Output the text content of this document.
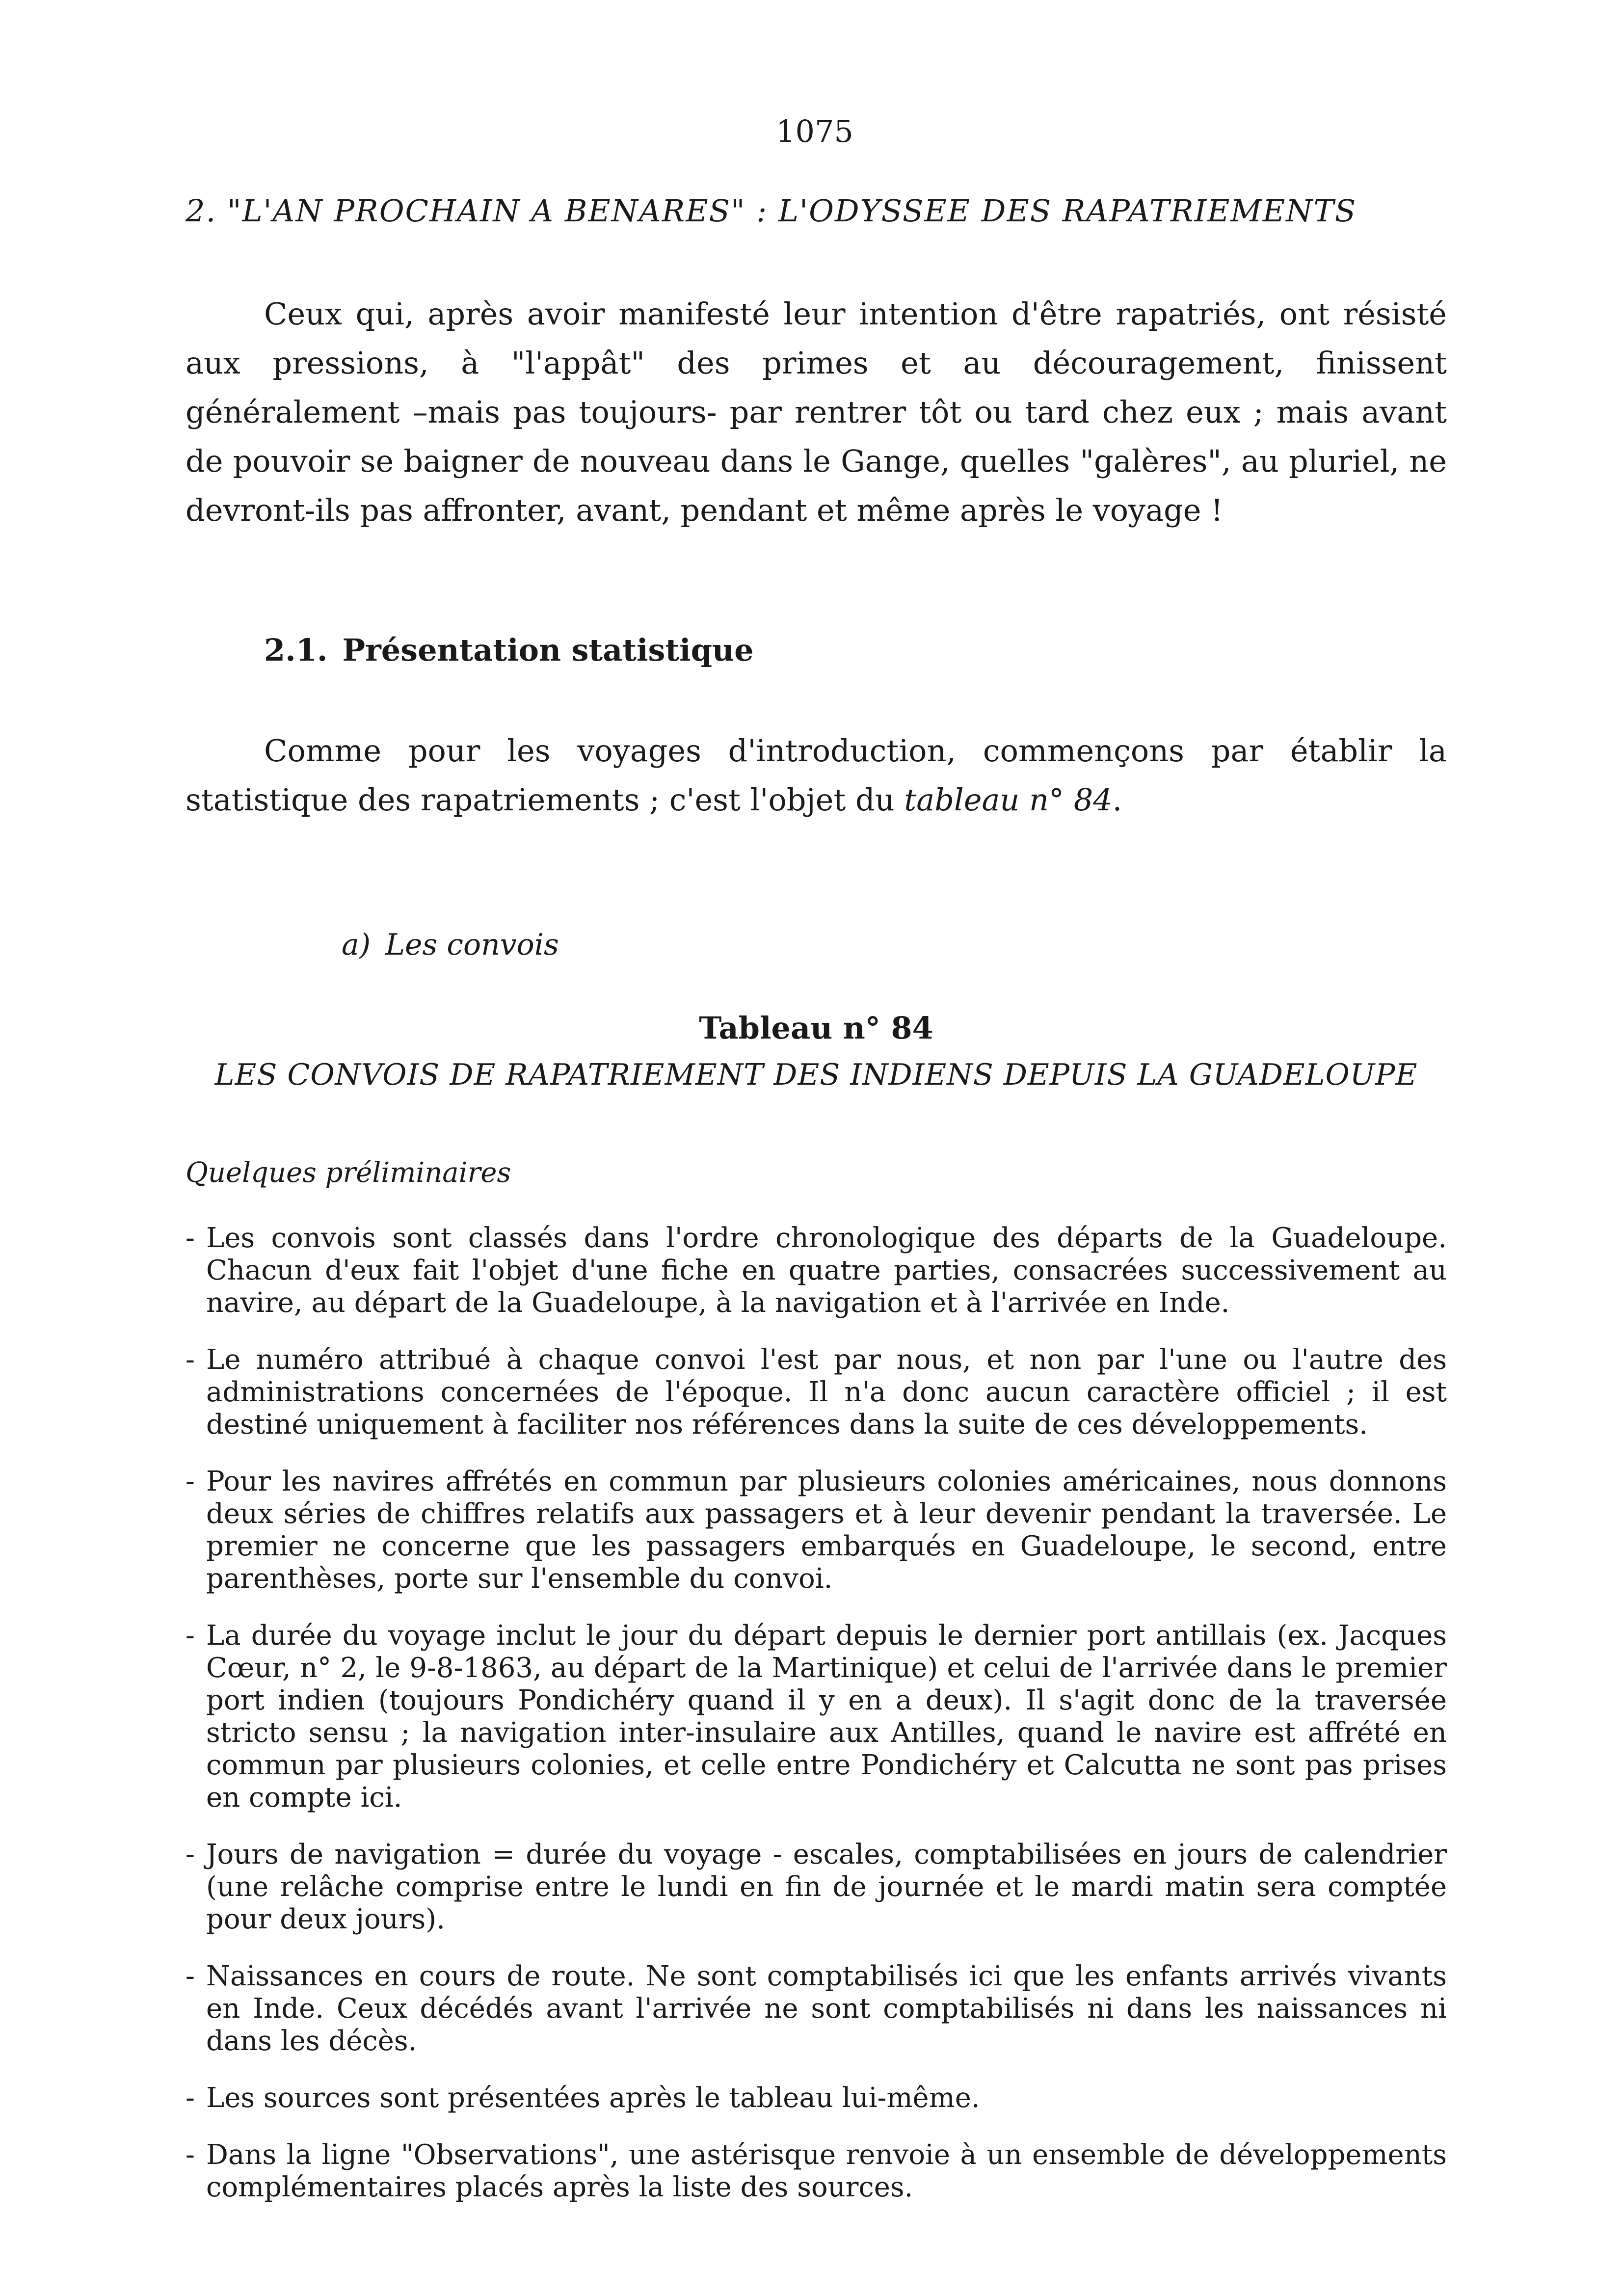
1075
2. "L'AN PROCHAIN A BENARES" : L'ODYSSEE DES RAPATRIEMENTS

Ceux qui, après avoir manifesté leur intention d'être rapatriés, ont résisté aux pressions, à "l'appât" des primes et au découragement, finissent généralement –mais pas toujours- par rentrer tôt ou tard chez eux ; mais avant de pouvoir se baigner de nouveau dans le Gange, quelles "galères", au pluriel, ne devront-ils pas affronter, avant, pendant et même après le voyage !

2.1. Présentation statistique

Comme pour les voyages d'introduction, commençons par établir la statistique des rapatriements ; c'est l'objet du tableau n° 84.

a) Les convois
Tableau n° 84
LES CONVOIS DE RAPATRIEMENT DES INDIENS DEPUIS LA GUADELOUPE
Quelques préliminaires
- Les convois sont classés dans l'ordre chronologique des départs de la Guadeloupe. Chacun d'eux fait l'objet d'une fiche en quatre parties, consacrées successivement au navire, au départ de la Guadeloupe, à la navigation et à l'arrivée en Inde.
- Le numéro attribué à chaque convoi l'est par nous, et non par l'une ou l'autre des administrations concernées de l'époque. Il n'a donc aucun caractère officiel ; il est destiné uniquement à faciliter nos références dans la suite de ces développements.
- Pour les navires affrétés en commun par plusieurs colonies américaines, nous donnons deux séries de chiffres relatifs aux passagers et à leur devenir pendant la traversée. Le premier ne concerne que les passagers embarqués en Guadeloupe, le second, entre parenthèses, porte sur l'ensemble du convoi.
- La durée du voyage inclut le jour du départ depuis le dernier port antillais (ex. Jacques Cœur, n° 2, le 9-8-1863, au départ de la Martinique) et celui de l'arrivée dans le premier port indien (toujours Pondichéry quand il y en a deux). Il s'agit donc de la traversée stricto sensu ; la navigation inter-insulaire aux Antilles, quand le navire est affrété en commun par plusieurs colonies, et celle entre Pondichéry et Calcutta ne sont pas prises en compte ici.
- Jours de navigation = durée du voyage - escales, comptabilisées en jours de calendrier (une relâche comprise entre le lundi en fin de journée et le mardi matin sera comptée pour deux jours).
- Naissances en cours de route. Ne sont comptabilisés ici que les enfants arrivés vivants en Inde. Ceux décédés avant l'arrivée ne sont comptabilisés ni dans les naissances ni dans les décès.
- Les sources sont présentées après le tableau lui-même.
- Dans la ligne "Observations", une astérisque renvoie à un ensemble de développements complémentaires placés après la liste des sources.
